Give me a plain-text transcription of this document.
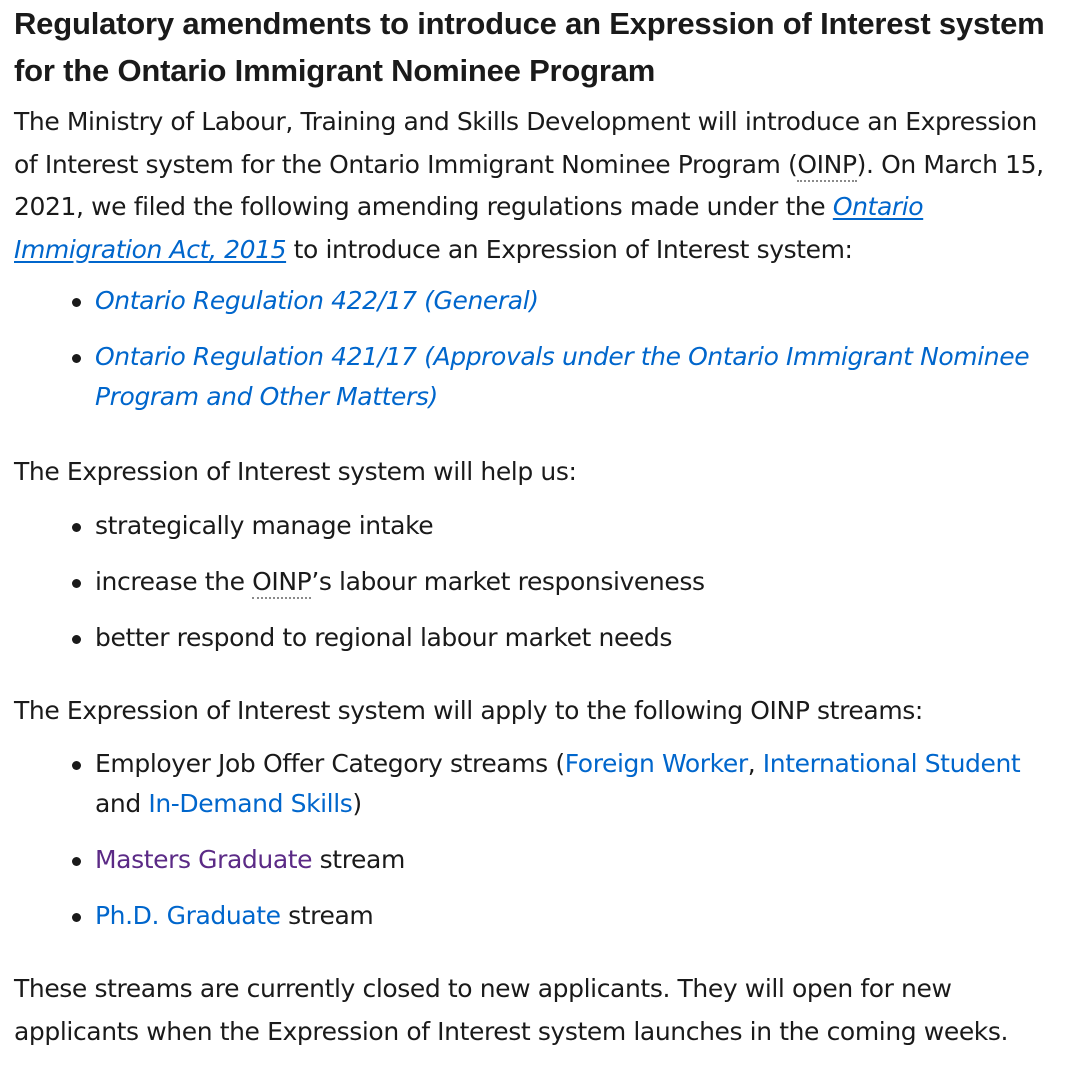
Regulatory amendments to introduce an Expression of Interest system for the Ontario Immigrant Nominee Program

The Ministry of Labour, Training and Skills Development will introduce an Expression of Interest system for the Ontario Immigrant Nominee Program (OINP). On March 15, 2021, we filed the following amending regulations made under the Ontario Immigration Act, 2015 to introduce an Expression of Interest system:

Ontario Regulation 422/17 (General)
Ontario Regulation 421/17 (Approvals under the Ontario Immigrant Nominee Program and Other Matters)

The Expression of Interest system will help us:

strategically manage intake
increase the OINP’s labour market responsiveness
better respond to regional labour market needs

The Expression of Interest system will apply to the following OINP streams:

Employer Job Offer Category streams (Foreign Worker, International Student and In-Demand Skills)
Masters Graduate stream
Ph.D. Graduate stream

These streams are currently closed to new applicants. They will open for new applicants when the Expression of Interest system launches in the coming weeks.
